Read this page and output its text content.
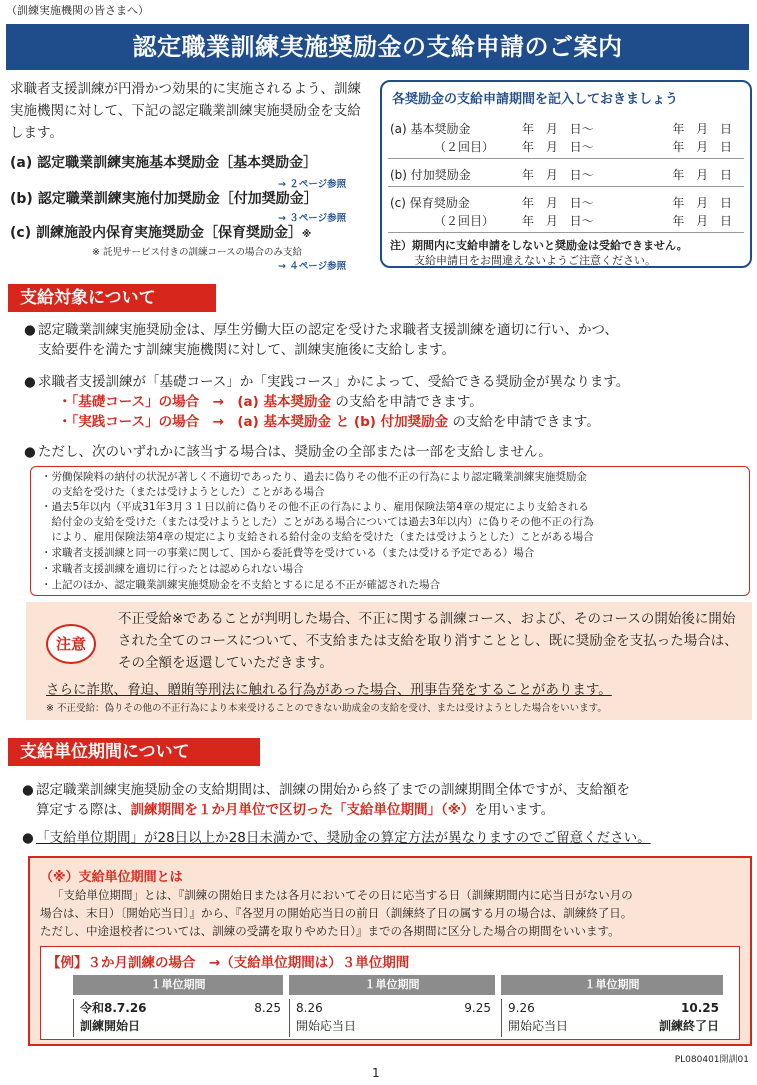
（訓練実施機関の皆さまへ）
認定職業訓練実施奨励金の支給申請のご案内
求職者支援訓練が円滑かつ効果的に実施されるよう、訓練実施機関に対して、下記の認定職業訓練実施奨励金を支給します。
(a) 認定職業訓練実施基本奨励金［基本奨励金］
→ ２ページ参照
(b) 認定職業訓練実施付加奨励金［付加奨励金］
→ ３ページ参照
(c) 訓練施設内保育実施奨励金［保育奨励金］※
※ 託児サービス付きの訓練コースの場合のみ支給
→ ４ページ参照
各奨励金の支給申請期間を記入しておきましょう
(a) 基本奨励金	年 月 日～	年 月 日
（２回目）	年 月 日～	年 月 日
(b) 付加奨励金	年 月 日～	年 月 日
(c) 保育奨励金	年 月 日～	年 月 日
（２回目）	年 月 日～	年 月 日
注）期間内に支給申請をしないと奨励金は受給できません。
支給申請日をお間違えないようご注意ください。
支給対象について
● 認定職業訓練実施奨励金は、厚生労働大臣の認定を受けた求職者支援訓練を適切に行い、かつ、
支給要件を満たす訓練実施機関に対して、訓練実施後に支給します。
● 求職者支援訓練が「基礎コース」か「実践コース」かによって、受給できる奨励金が異なります。
・「基礎コース」の場合　→　(a) 基本奨励金 の支給を申請できます。
・「実践コース」の場合　→　(a) 基本奨励金 と (b) 付加奨励金 の支給を申請できます。
● ただし、次のいずれかに該当する場合は、奨励金の全部または一部を支給しません。
・労働保険料の納付の状況が著しく不適切であったり、過去に偽りその他不正の行為により認定職業訓練実施奨励金
　の支給を受けた（または受けようとした）ことがある場合
・過去5年以内（平成31年3月３１日以前に偽りその他不正の行為により、雇用保険法第4章の規定により支給される
　給付金の支給を受けた（または受けようとした）ことがある場合については過去3年以内）に偽りその他不正の行為
　により、雇用保険法第4章の規定により支給される給付金の支給を受けた（または受けようとした）ことがある場合
・求職者支援訓練と同一の事業に関して、国から委託費等を受けている（または受ける予定である）場合
・求職者支援訓練を適切に行ったとは認められない場合
・上記のほか、認定職業訓練実施奨励金を不支給とするに足る不正が確認された場合
注意
不正受給※であることが判明した場合、不正に関する訓練コース、および、そのコースの開始後に開始された全てのコースについて、不支給または支給を取り消すこととし、既に奨励金を支払った場合は、その全額を返還していただきます。
さらに詐欺、脅迫、贈賄等刑法に触れる行為があった場合、刑事告発をすることがあります。
※ 不正受給：偽りその他の不正行為により本来受けることのできない助成金の支給を受け、または受けようとした場合をいいます。
支給単位期間について
● 認定職業訓練実施奨励金の支給期間は、訓練の開始から終了までの訓練期間全体ですが、支給額を
算定する際は、訓練期間を１か月単位で区切った「支給単位期間」（※）を用います。
● 「支給単位期間」が28日以上か28日未満かで、奨励金の算定方法が異なりますのでご留意ください。
（※）支給単位期間とは
「支給単位期間」とは、『訓練の開始日または各月においてその日に応当する日（訓練期間内に応当日がない月の
場合は、末日）〔開始応当日〕』から、『各翌月の開始応当日の前日（訓練終了日の属する月の場合は、訓練終了日。
ただし、中途退校者については、訓練の受講を取りやめた日）』までの各期間に区分した場合の期間をいいます。
【例】３か月訓練の場合　→（支給単位期間は）３単位期間
１単位期間	１単位期間	１単位期間
令和8.7.26	8.25
訓練開始日
8.26	9.25
開始応当日
9.26	10.25
開始応当日	訓練終了日
PL080401開訓01
1
